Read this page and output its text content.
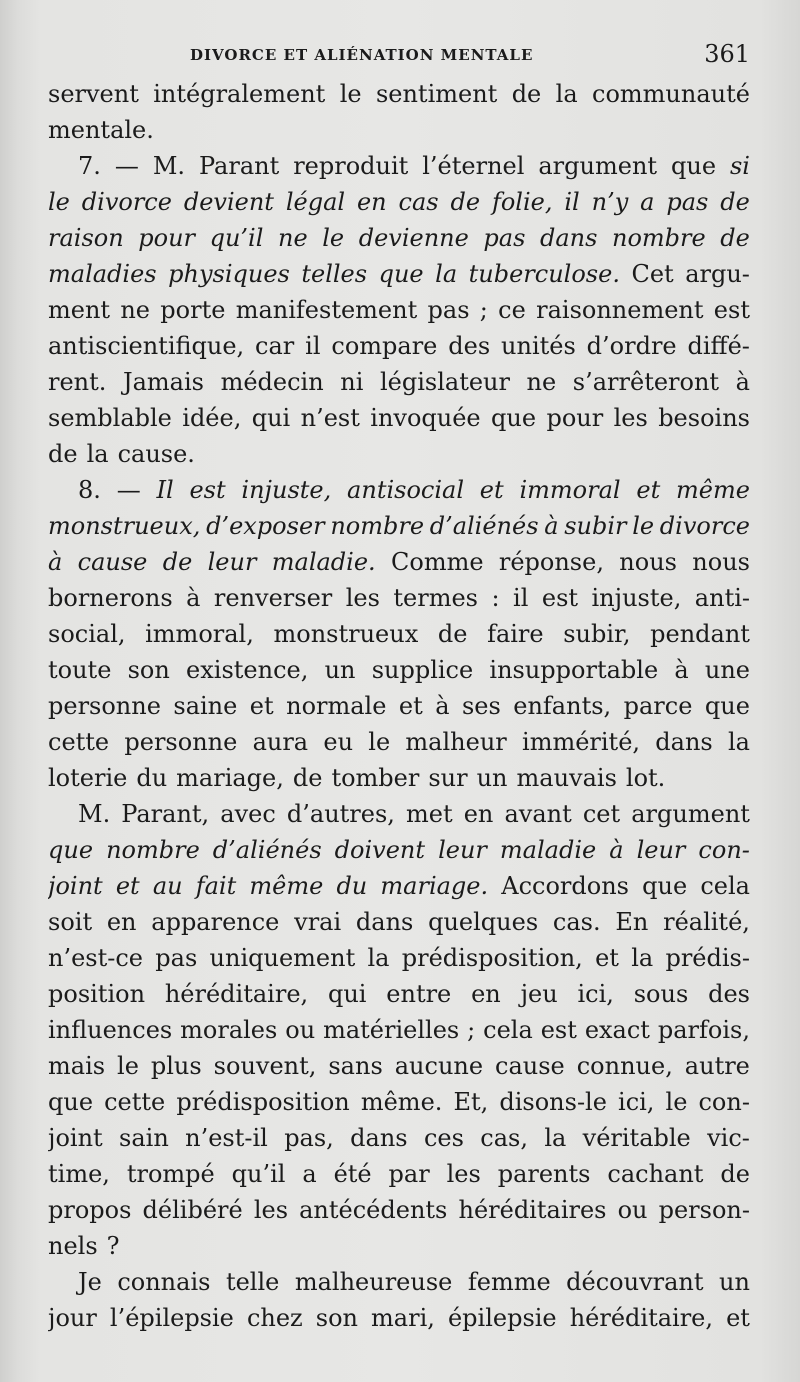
DIVORCE ET ALIÉNATION MENTALE	361
servent intégralement le sentiment de la communauté
mentale.
7. — M. Parant reproduit l’éternel argument que si
le divorce devient légal en cas de folie, il n’y a pas de
raison pour qu’il ne le devienne pas dans nombre de
maladies physiques telles que la tuberculose. Cet argu-
ment ne porte manifestement pas ; ce raisonnement est
antiscientifique, car il compare des unités d’ordre diffé-
rent. Jamais médecin ni législateur ne s’arrêteront à
semblable idée, qui n’est invoquée que pour les besoins
de la cause.
8. — Il est injuste, antisocial et immoral et même
monstrueux, d’exposer nombre d’aliénés à subir le divorce
à cause de leur maladie. Comme réponse, nous nous
bornerons à renverser les termes : il est injuste, anti-
social, immoral, monstrueux de faire subir, pendant
toute son existence, un supplice insupportable à une
personne saine et normale et à ses enfants, parce que
cette personne aura eu le malheur immérité, dans la
loterie du mariage, de tomber sur un mauvais lot.
M. Parant, avec d’autres, met en avant cet argument
que nombre d’aliénés doivent leur maladie à leur con-
joint et au fait même du mariage. Accordons que cela
soit en apparence vrai dans quelques cas. En réalité,
n’est-ce pas uniquement la prédisposition, et la prédis-
position héréditaire, qui entre en jeu ici, sous des
influences morales ou matérielles ; cela est exact parfois,
mais le plus souvent, sans aucune cause connue, autre
que cette prédisposition même. Et, disons-le ici, le con-
joint sain n’est-il pas, dans ces cas, la véritable vic-
time, trompé qu’il a été par les parents cachant de
propos délibéré les antécédents héréditaires ou person-
nels ?
Je connais telle malheureuse femme découvrant un
jour l’épilepsie chez son mari, épilepsie héréditaire, et
